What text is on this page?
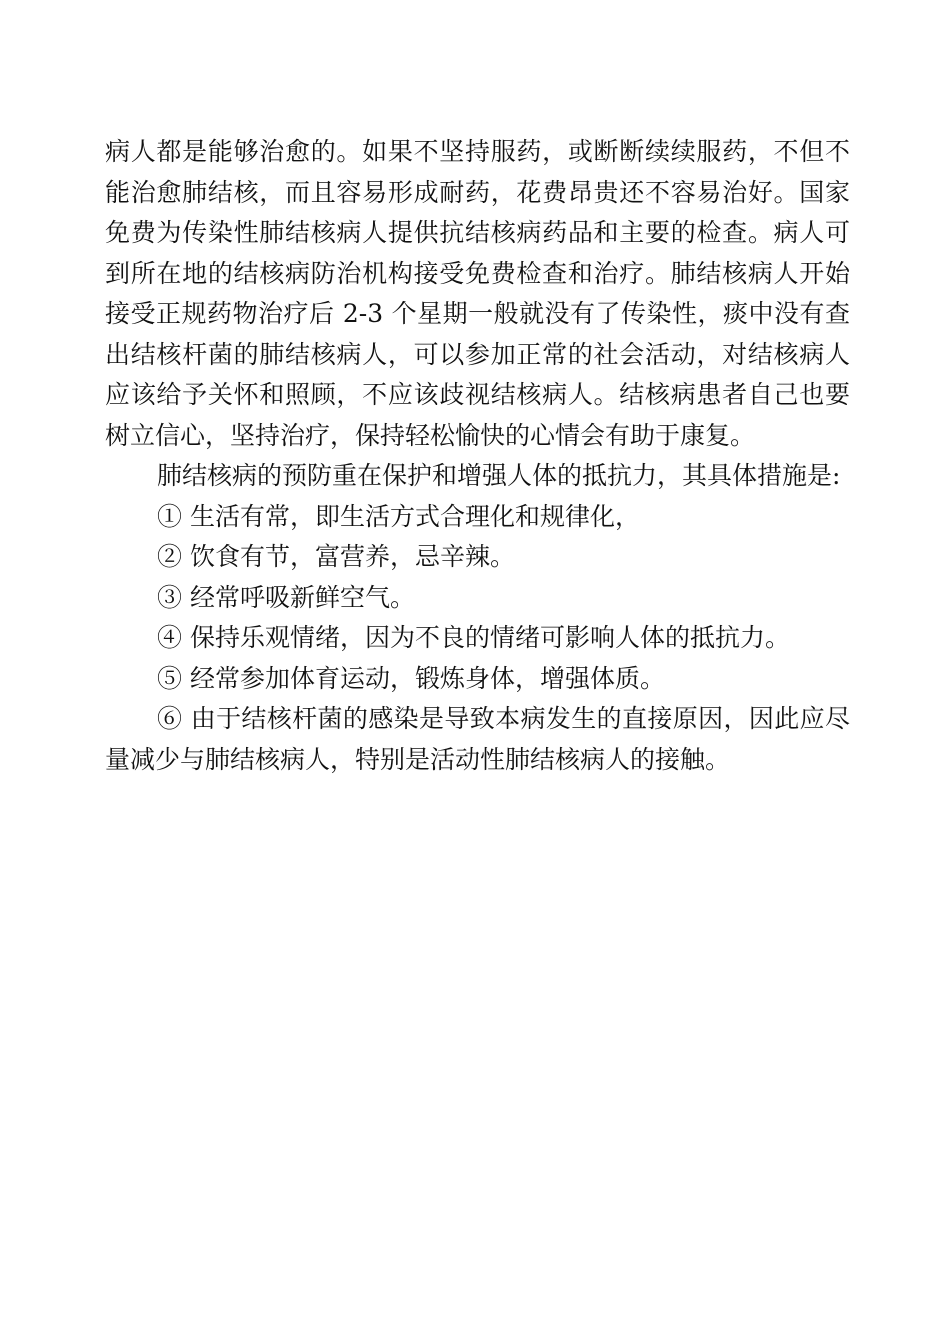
病人都是能够治愈的。如果不坚持服药，或断断续续服药，不但不能治愈肺结核，而且容易形成耐药，花费昂贵还不容易治好。国家免费为传染性肺结核病人提供抗结核病药品和主要的检查。病人可到所在地的结核病防治机构接受免费检查和治疗。肺结核病人开始接受正规药物治疗后 2-3 个星期一般就没有了传染性，痰中没有查出结核杆菌的肺结核病人，可以参加正常的社会活动，对结核病人应该给予关怀和照顾，不应该歧视结核病人。结核病患者自己也要树立信心，坚持治疗，保持轻松愉快的心情会有助于康复。

肺结核病的预防重在保护和增强人体的抵抗力，其具体措施是:

① 生活有常，即生活方式合理化和规律化，
② 饮食有节，富营养，忌辛辣。
③ 经常呼吸新鲜空气。
④ 保持乐观情绪，因为不良的情绪可影响人体的抵抗力。
⑤ 经常参加体育运动，锻炼身体，增强体质。
⑥ 由于结核杆菌的感染是导致本病发生的直接原因，因此应尽量减少与肺结核病人，特别是活动性肺结核病人的接触。
